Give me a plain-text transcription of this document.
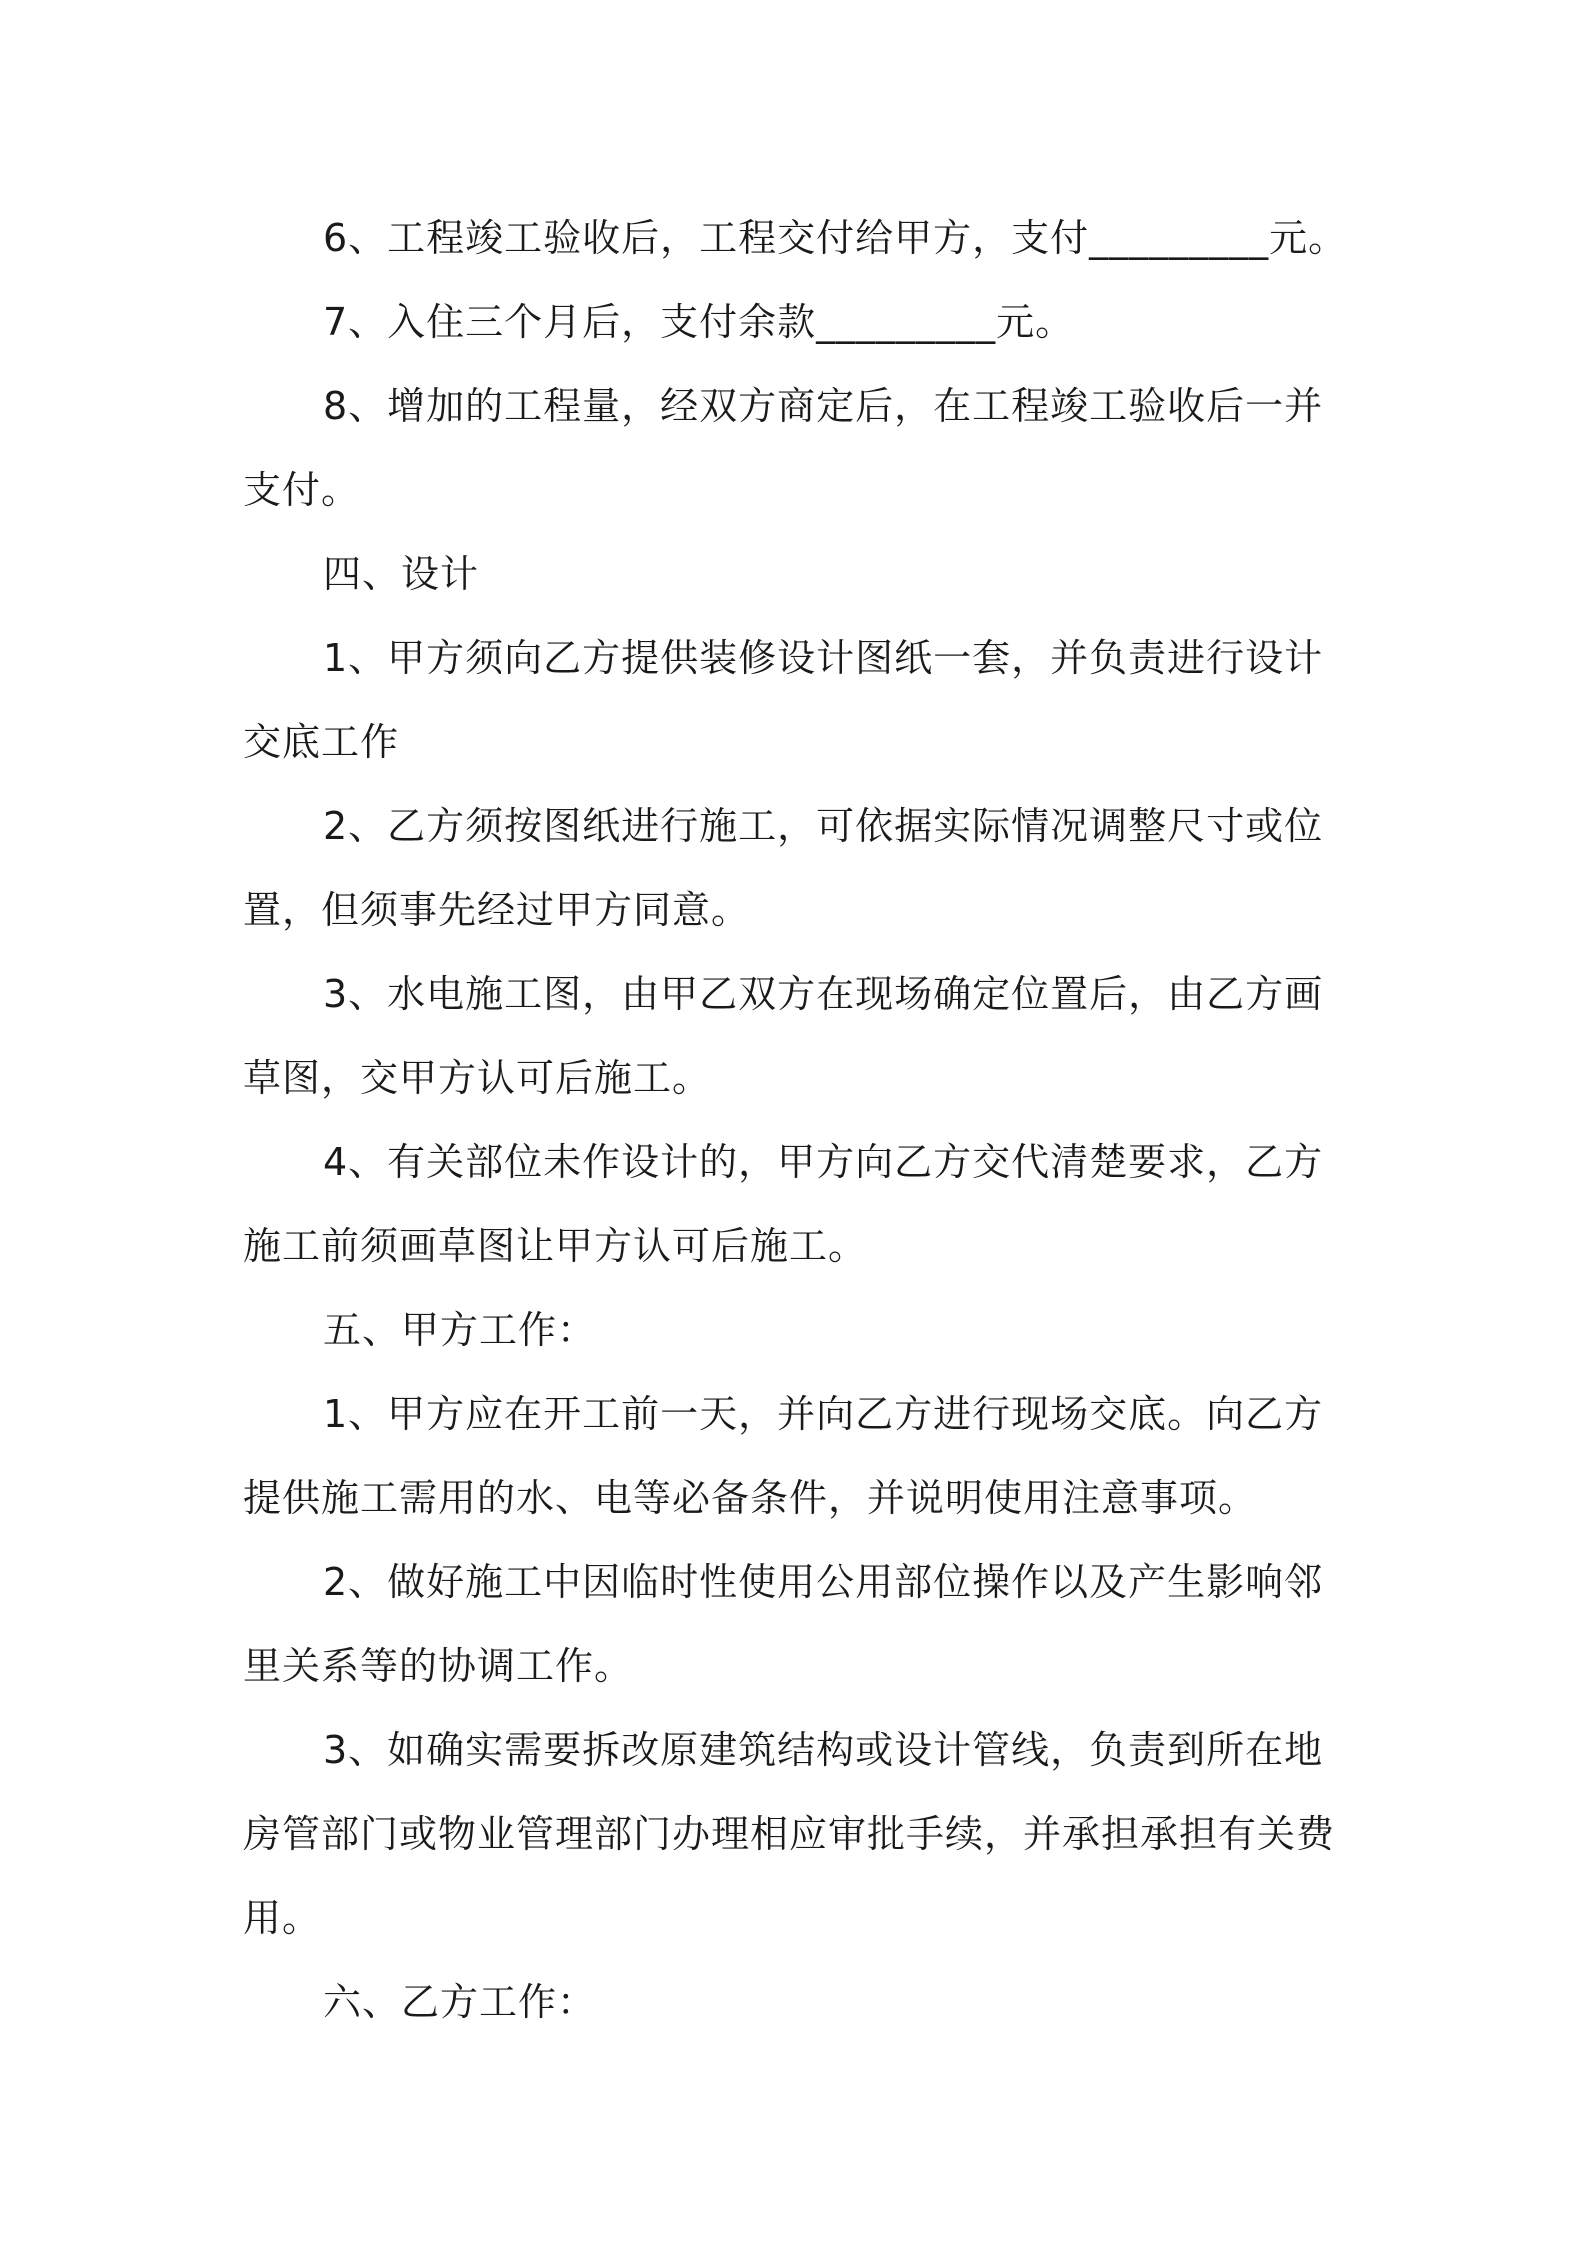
6、工程竣工验收后，工程交付给甲方，支付_________元。
7、入住三个月后，支付余款_________元。
8、增加的工程量，经双方商定后，在工程竣工验收后一并
支付。
四、设计
1、甲方须向乙方提供装修设计图纸一套，并负责进行设计
交底工作
2、乙方须按图纸进行施工，可依据实际情况调整尺寸或位
置，但须事先经过甲方同意。
3、水电施工图，由甲乙双方在现场确定位置后，由乙方画
草图，交甲方认可后施工。
4、有关部位未作设计的，甲方向乙方交代清楚要求，乙方
施工前须画草图让甲方认可后施工。
五、甲方工作：
1、甲方应在开工前一天，并向乙方进行现场交底。向乙方
提供施工需用的水、电等必备条件，并说明使用注意事项。
2、做好施工中因临时性使用公用部位操作以及产生影响邻
里关系等的协调工作。
3、如确实需要拆改原建筑结构或设计管线，负责到所在地
房管部门或物业管理部门办理相应审批手续，并承担承担有关费
用。
六、乙方工作：
